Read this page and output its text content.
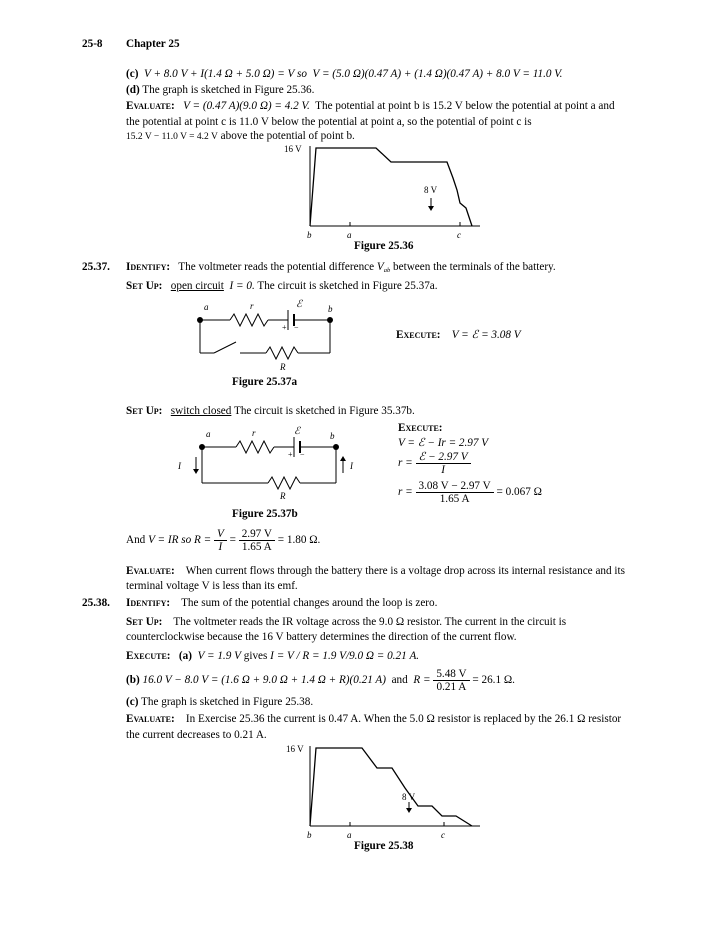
25-8 Chapter 25
(c) V + 8.0 V + I(1.4 Ω + 5.0 Ω) = V so V = (5.0 Ω)(0.47 A) + (1.4 Ω)(0.47 A) + 8.0 V = 11.0 V.
(d) The graph is sketched in Figure 25.36.
Evaluate: V = (0.47 A)(9.0 Ω) = 4.2 V. The potential at point b is 15.2 V below the potential at point a and
the potential at point c is 11.0 V below the potential at point a, so the potential of point c is
15.2 V − 11.0 V = 4.2 V above the potential of point b.
16 V
8 V
b	a	c
Figure 25.36
25.37. Identify: The voltmeter reads the potential difference $V_{ab}$ between the terminals of the battery.
Set Up: open circuit I = 0. The circuit is sketched in Figure 25.37a.
a	b
r	ℰ
+ −
R
Execute: V = ℰ = 3.08 V
Figure 25.37a
Set Up: switch closed The circuit is sketched in Figure 35.37b.
a	b
r	ℰ
+ −
R
I	I
Execute:
V = ℰ − Ir = 2.97 V
$r = \frac{\text{ℰ − 2.97 V}}{I}$
$r = \frac{3.08 V - 2.97 V}{1.65 A} = 0.067$ Ω
Figure 25.37b
And V = IR so $R = \frac{V}{I} = \frac{2.97 V}{1.65 A} = 1.80$ Ω.
Evaluate: When current flows through the battery there is a voltage drop across its internal resistance and its
terminal voltage V is less than its emf.
25.38. Identify: The sum of the potential changes around the loop is zero.
Set Up: The voltmeter reads the IR voltage across the 9.0 Ω resistor. The current in the circuit is
counterclockwise because the 16 V battery determines the direction of the current flow.
Execute: (a) V = 1.9 V gives I = V / R = 1.9 V/9.0 Ω = 0.21 A.
(b) 16.0 V − 8.0 V = (1.6 Ω + 9.0 Ω + 1.4 Ω + R)(0.21 A) and $R = \frac{5.48 V}{0.21 A} = 26.1$ Ω.
(c) The graph is sketched in Figure 25.38.
Evaluate: In Exercise 25.36 the current is 0.47 A. When the 5.0 Ω resistor is replaced by the 26.1 Ω resistor
the current decreases to 0.21 A.
16 V
8 V
b	a	c
Figure 25.38
